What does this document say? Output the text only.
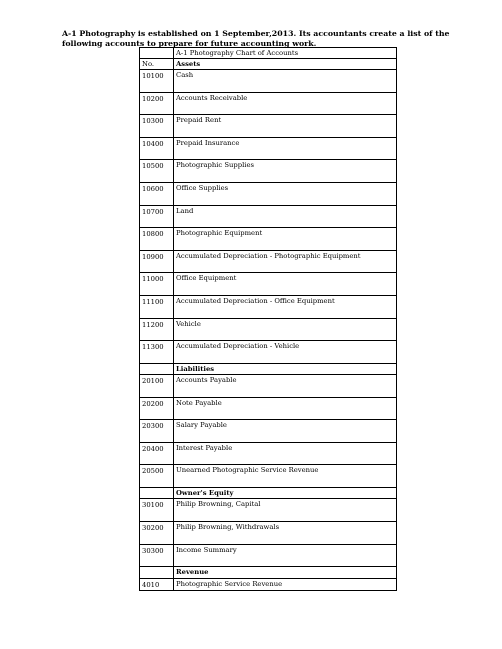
A-1 Photography is established on 1 September,2013. Its accountants create a list of the following accounts to prepare for future accounting work.
	A-1 Photography Chart of Accounts
No.	Assets
10100	Cash
10200	Accounts Receivable
10300	Prepaid Rent
10400	Prepaid Insurance
10500	Photographic Supplies
10600	Office Supplies
10700	Land
10800	Photographic Equipment
10900	Accumulated Depreciation - Photographic Equipment
11000	Office Equipment
11100	Accumulated Depreciation - Office Equipment
11200	Vehicle
11300	Accumulated Depreciation - Vehicle
	Liabilities
20100	Accounts Payable
20200	Note Payable
20300	Salary Payable
20400	Interest Payable
20500	Unearned Photographic Service Revenue
	Owner's Equity
30100	Philip Browning, Capital
30200	Philip Browning, Withdrawals
30300	Income Summary
	Revenue
4010	Photographic Service Revenue
